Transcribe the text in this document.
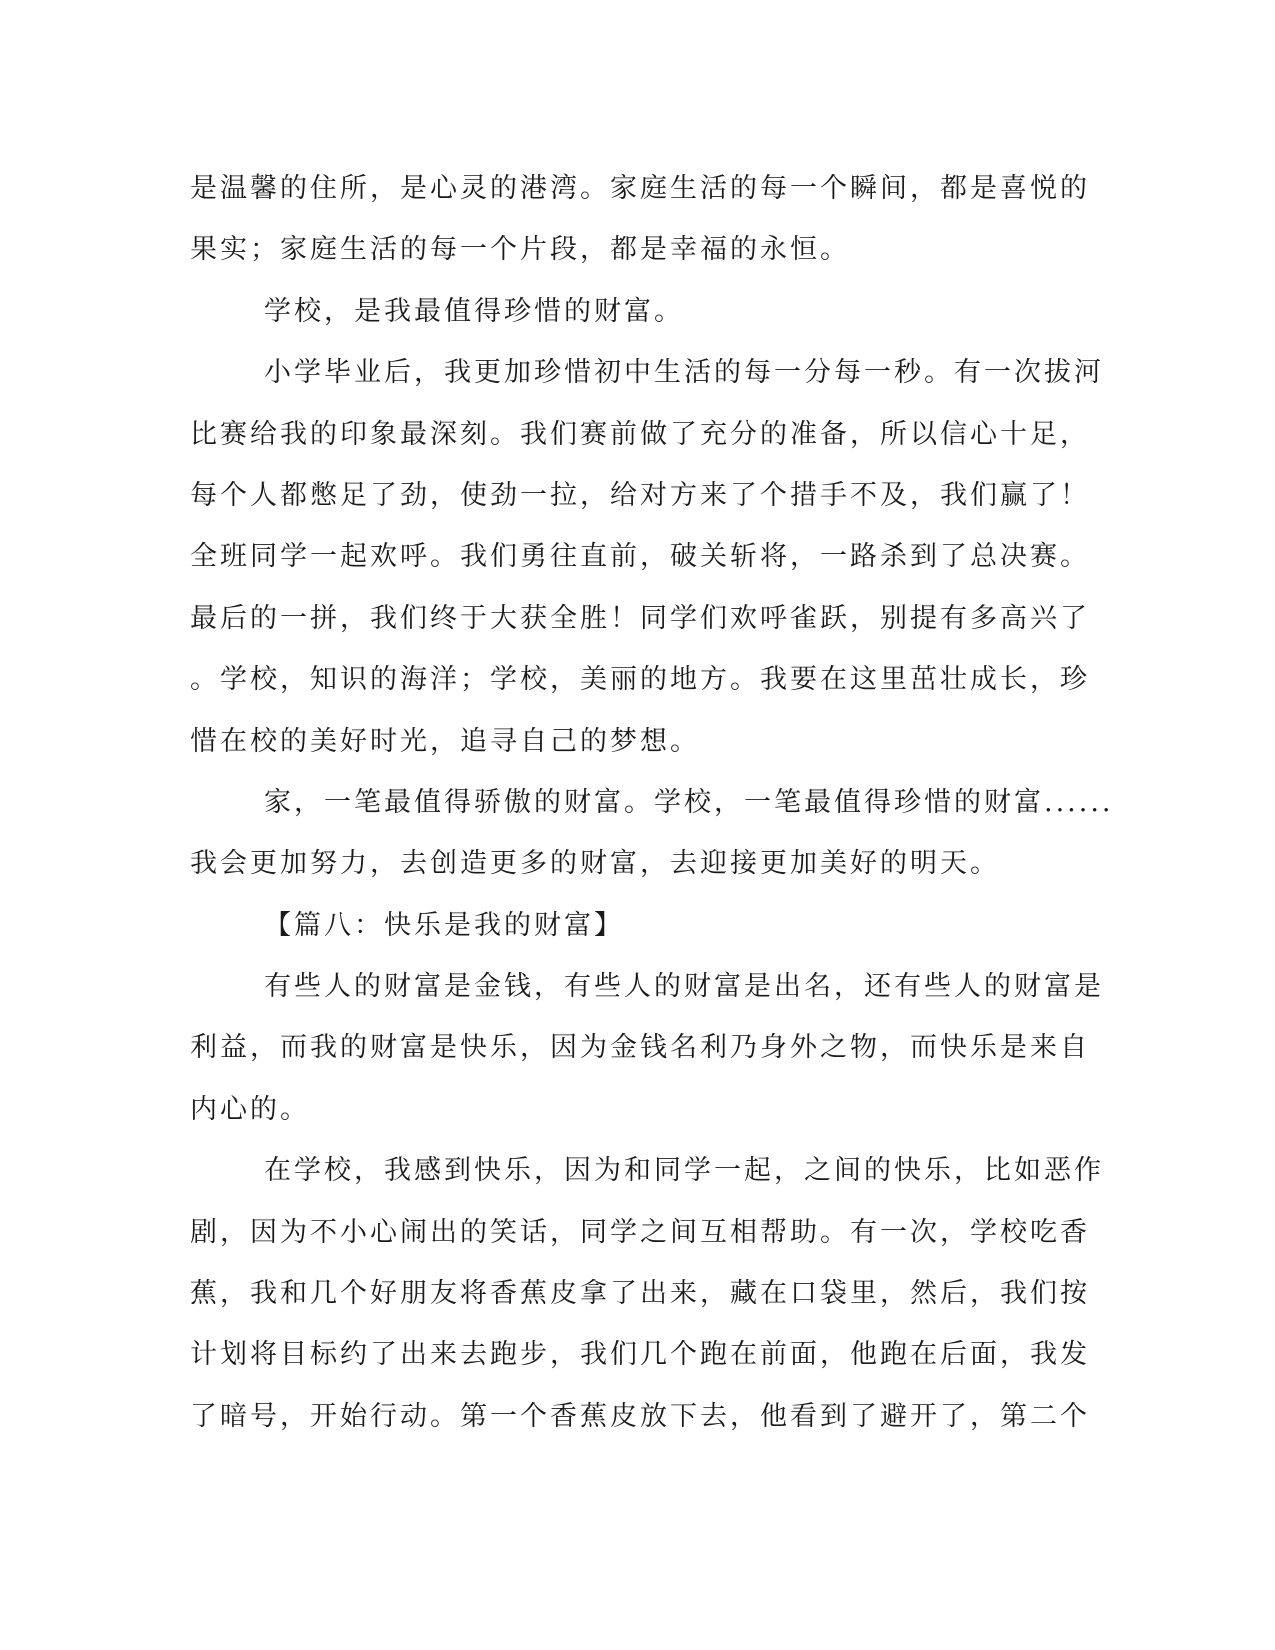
是温馨的住所，是心灵的港湾。家庭生活的每一个瞬间，都是喜悦的
果实；家庭生活的每一个片段，都是幸福的永恒。
学校，是我最值得珍惜的财富。
小学毕业后，我更加珍惜初中生活的每一分每一秒。有一次拔河
比赛给我的印象最深刻。我们赛前做了充分的准备，所以信心十足，
每个人都憋足了劲，使劲一拉，给对方来了个措手不及，我们赢了！
全班同学一起欢呼。我们勇往直前，破关斩将，一路杀到了总决赛。
最后的一拼，我们终于大获全胜！同学们欢呼雀跃，别提有多高兴了
。学校，知识的海洋；学校，美丽的地方。我要在这里茁壮成长，珍
惜在校的美好时光，追寻自己的梦想。
家，一笔最值得骄傲的财富。学校，一笔最值得珍惜的财富......
我会更加努力，去创造更多的财富，去迎接更加美好的明天。
【篇八：快乐是我的财富】
有些人的财富是金钱，有些人的财富是出名，还有些人的财富是
利益，而我的财富是快乐，因为金钱名利乃身外之物，而快乐是来自
内心的。
在学校，我感到快乐，因为和同学一起，之间的快乐，比如恶作
剧，因为不小心闹出的笑话，同学之间互相帮助。有一次，学校吃香
蕉，我和几个好朋友将香蕉皮拿了出来，藏在口袋里，然后，我们按
计划将目标约了出来去跑步，我们几个跑在前面，他跑在后面，我发
了暗号，开始行动。第一个香蕉皮放下去，他看到了避开了，第二个
